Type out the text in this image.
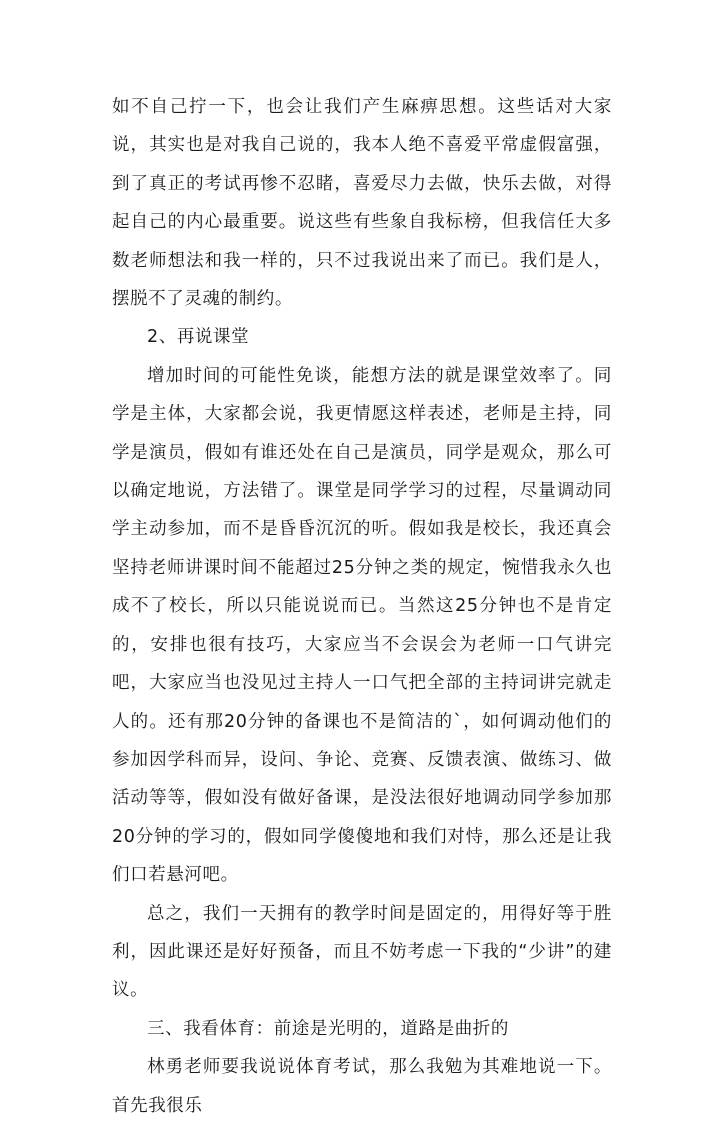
如不自己拧一下，也会让我们产生麻痹思想。这些话对大家说，其实也是对我自己说的，我本人绝不喜爱平常虚假富强，到了真正的考试再惨不忍睹，喜爱尽力去做，快乐去做，对得起自己的内心最重要。说这些有些象自我标榜，但我信任大多数老师想法和我一样的，只不过我说出来了而已。我们是人，摆脱不了灵魂的制约。

2、再说课堂

增加时间的可能性免谈，能想方法的就是课堂效率了。同学是主体，大家都会说，我更情愿这样表述，老师是主持，同学是演员，假如有谁还处在自己是演员，同学是观众，那么可以确定地说，方法错了。课堂是同学学习的过程，尽量调动同学主动参加，而不是昏昏沉沉的听。假如我是校长，我还真会坚持老师讲课时间不能超过25分钟之类的规定，惋惜我永久也成不了校长，所以只能说说而已。当然这25分钟也不是肯定的，安排也很有技巧，大家应当不会误会为老师一口气讲完吧，大家应当也没见过主持人一口气把全部的主持词讲完就走人的。还有那20分钟的备课也不是简洁的`，如何调动他们的参加因学科而异，设问、争论、竞赛、反馈表演、做练习、做活动等等，假如没有做好备课，是没法很好地调动同学参加那20分钟的学习的，假如同学傻傻地和我们对恃，那么还是让我们口若悬河吧。

总之，我们一天拥有的教学时间是固定的，用得好等于胜利，因此课还是好好预备，而且不妨考虑一下我的“少讲”的建议。

三、我看体育：前途是光明的，道路是曲折的

林勇老师要我说说体育考试，那么我勉为其难地说一下。首先我很乐
